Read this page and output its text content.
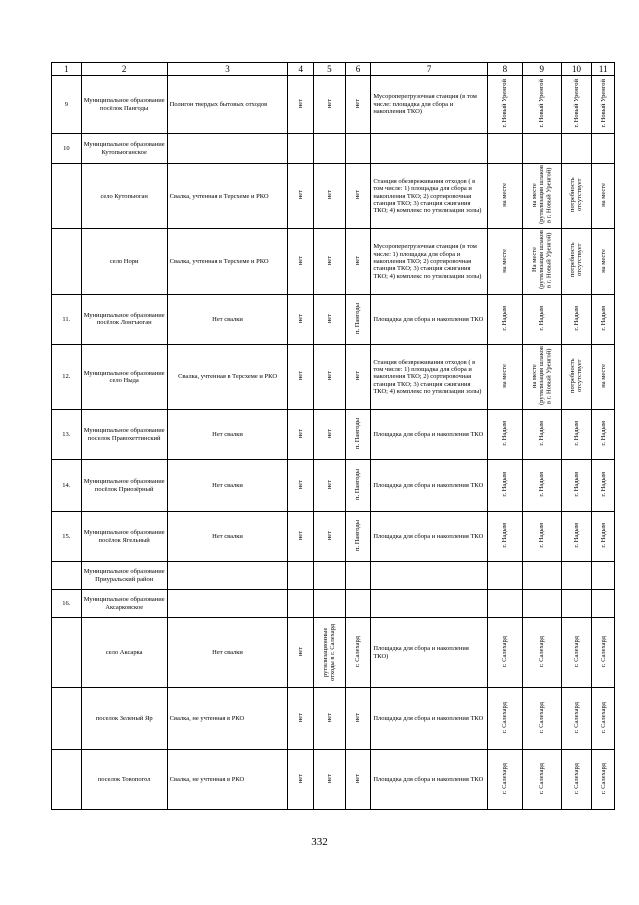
1	2	3	4	5	6	7	8	9	10	11
9	Муниципальное образование посёлок Пангоды	Полигон твердых бытовых отходов	нет	нет	нет	Мусороперегрузочная станция (в том числе: площадка для сбора и накопления ТКО)	г. Новый Уренгой	г. Новый Уренгой	г. Новый Уренгой	г. Новый Уренгой
10	Муниципальное образование Кутопьюганское									
	село Кутопьюган	Свалка, учтенная в Терсхеме и РКО	нет	нет	нет	Станция обезвреживания отходов ( в том числе: 1) площадка для сбора и накопления ТКО; 2) сортировочная станция ТКО; 3) станция сжигания ТКО; 4) комплекс по утилизации золы)	на месте	на месте (рутилизация шлаков в г. Новый Уренгой)	потребность отсутствует	на месте
	село Нори	Свалка, учтенная в Терсхеме и РКО	нет	нет	нет	Мусороперегрузочная станция (в том числе: 1) площадка для сбора и накопления ТКО; 2) сортировочная станция ТКО; 3) станция сжигания ТКО; 4) комплекс по утилизации золы)	на месте	На месте (рутилизация шлаков в г. Новый Уренгой)	потребность отсутствует	на месте
11.	Муниципальное образование посёлок Лонгъюган	Нет свалки	нет	нет	п. Пангоды	Площадка для сбора и накопления ТКО	г. Надым	г. Надым	г. Надым	г. Надым
12.	Муниципальное образование село Ныда	Свалка, учтенная в Терсхеме и РКО	нет	нет	нет	Станция обезвреживания отходов ( в том числе: 1) площадка для сбора и накопления ТКО; 2) сортировочная станция ТКО; 3) станция сжигания ТКО; 4) комплекс по утилизации золы)	на месте	на месте (рутилизация шлаков в г. Новый Уренгой)	потребность отсутствует	на месте
13.	Муниципальное образование поселок Правохеттинский	Нет свалки	нет	нет	п. Пангоды	Площадка для сбора и накопления ТКО	г. Надым	г. Надым	г. Надым	г. Надым
14.	Муниципальное образование посёлок Приозёрный	Нет свалки	нет	нет	п. Пангоды	Площадка для сбора и накопления ТКО	г. Надым	г. Надым	г. Надым	г. Надым
15.	Муниципальное образование посёлок Ягельный	Нет свалки	нет	нет	п. Пангоды	Площадка для сбора и накопления ТКО	г. Надым	г. Надым	г. Надым	г. Надым
	Муниципальное образование Приуральский район									
16.	Муниципальное образование Аксарковское									
	село Аксарка	Нет свалки	нет	рутилизационные отходы в г. Салехард	г. Салехард	Площадка для сбора и накопления ТКО)	г. Салехард	г. Салехард	г. Салехард	г. Салехард
	поселок Зеленый Яр	Свалка, не учтенная в РКО	нет	нет	нет	Площадка для сбора и накопления ТКО	г. Салехард	г. Салехард	г. Салехард	г. Салехард
	поселок Товопогол	Свалка, не учтенная в РКО	нет	нет	нет	Площадка для сбора и накопления ТКО	г. Салехард	г. Салехард	г. Салехард	г. Салехард
332
